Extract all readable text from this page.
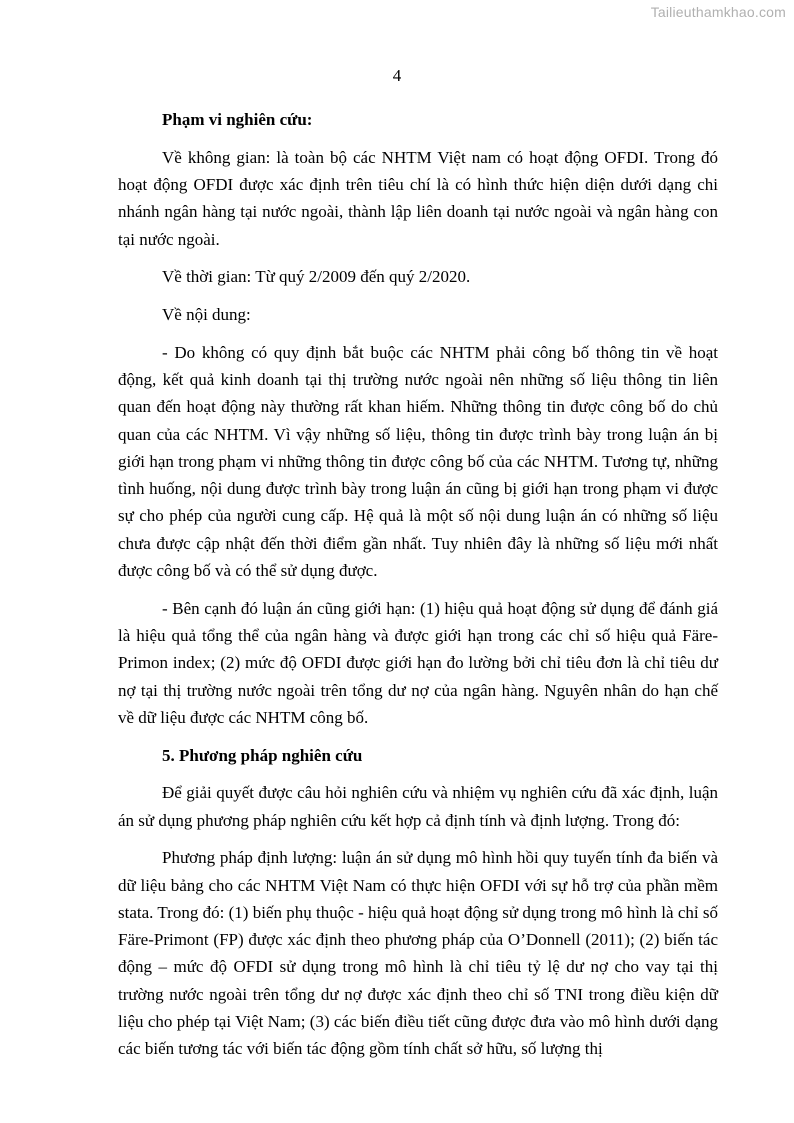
Tailieuthamkhao.com
4

Phạm vi nghiên cứu:

Về không gian: là toàn bộ các NHTM Việt nam có hoạt động OFDI. Trong đó hoạt động OFDI được xác định trên tiêu chí là có hình thức hiện diện dưới dạng chi nhánh ngân hàng tại nước ngoài, thành lập liên doanh tại nước ngoài và ngân hàng con tại nước ngoài.

Về thời gian: Từ quý 2/2009 đến quý 2/2020.

Về nội dung:

- Do không có quy định bắt buộc các NHTM phải công bố thông tin về hoạt động, kết quả kinh doanh tại thị trường nước ngoài nên những số liệu thông tin liên quan đến hoạt động này thường rất khan hiếm. Những thông tin được công bố do chủ quan của các NHTM. Vì vậy những số liệu, thông tin được trình bày trong luận án bị giới hạn trong phạm vi những thông tin được công bố của các NHTM. Tương tự, những tình huống, nội dung được trình bày trong luận án cũng bị giới hạn trong phạm vi được sự cho phép của người cung cấp. Hệ quả là một số nội dung luận án có những số liệu chưa được cập nhật đến thời điểm gần nhất. Tuy nhiên đây là những số liệu mới nhất được công bố và có thể sử dụng được.

- Bên cạnh đó luận án cũng giới hạn: (1) hiệu quả hoạt động sử dụng để đánh giá là hiệu quả tổng thể của ngân hàng và được giới hạn trong các chỉ số hiệu quả Färe-Primon index; (2) mức độ OFDI được giới hạn đo lường bởi chỉ tiêu đơn là chỉ tiêu dư nợ tại thị trường nước ngoài trên tổng dư nợ của ngân hàng. Nguyên nhân do hạn chế về dữ liệu được các NHTM công bố.

5. Phương pháp nghiên cứu

Để giải quyết được câu hỏi nghiên cứu và nhiệm vụ nghiên cứu đã xác định, luận án sử dụng phương pháp nghiên cứu kết hợp cả định tính và định lượng. Trong đó:

Phương pháp định lượng: luận án sử dụng mô hình hồi quy tuyến tính đa biến và dữ liệu bảng cho các NHTM Việt Nam có thực hiện OFDI với sự hỗ trợ của phần mềm stata. Trong đó: (1) biến phụ thuộc - hiệu quả hoạt động sử dụng trong mô hình là chỉ số Färe-Primont (FP) được xác định theo phương pháp của O’Donnell (2011); (2) biến tác động – mức độ OFDI sử dụng trong mô hình là chỉ tiêu tỷ lệ dư nợ cho vay tại thị trường nước ngoài trên tổng dư nợ được xác định theo chỉ số TNI trong điều kiện dữ liệu cho phép tại Việt Nam; (3) các biến điều tiết cũng được đưa vào mô hình dưới dạng các biến tương tác với biến tác động gồm tính chất sở hữu, số lượng thị
